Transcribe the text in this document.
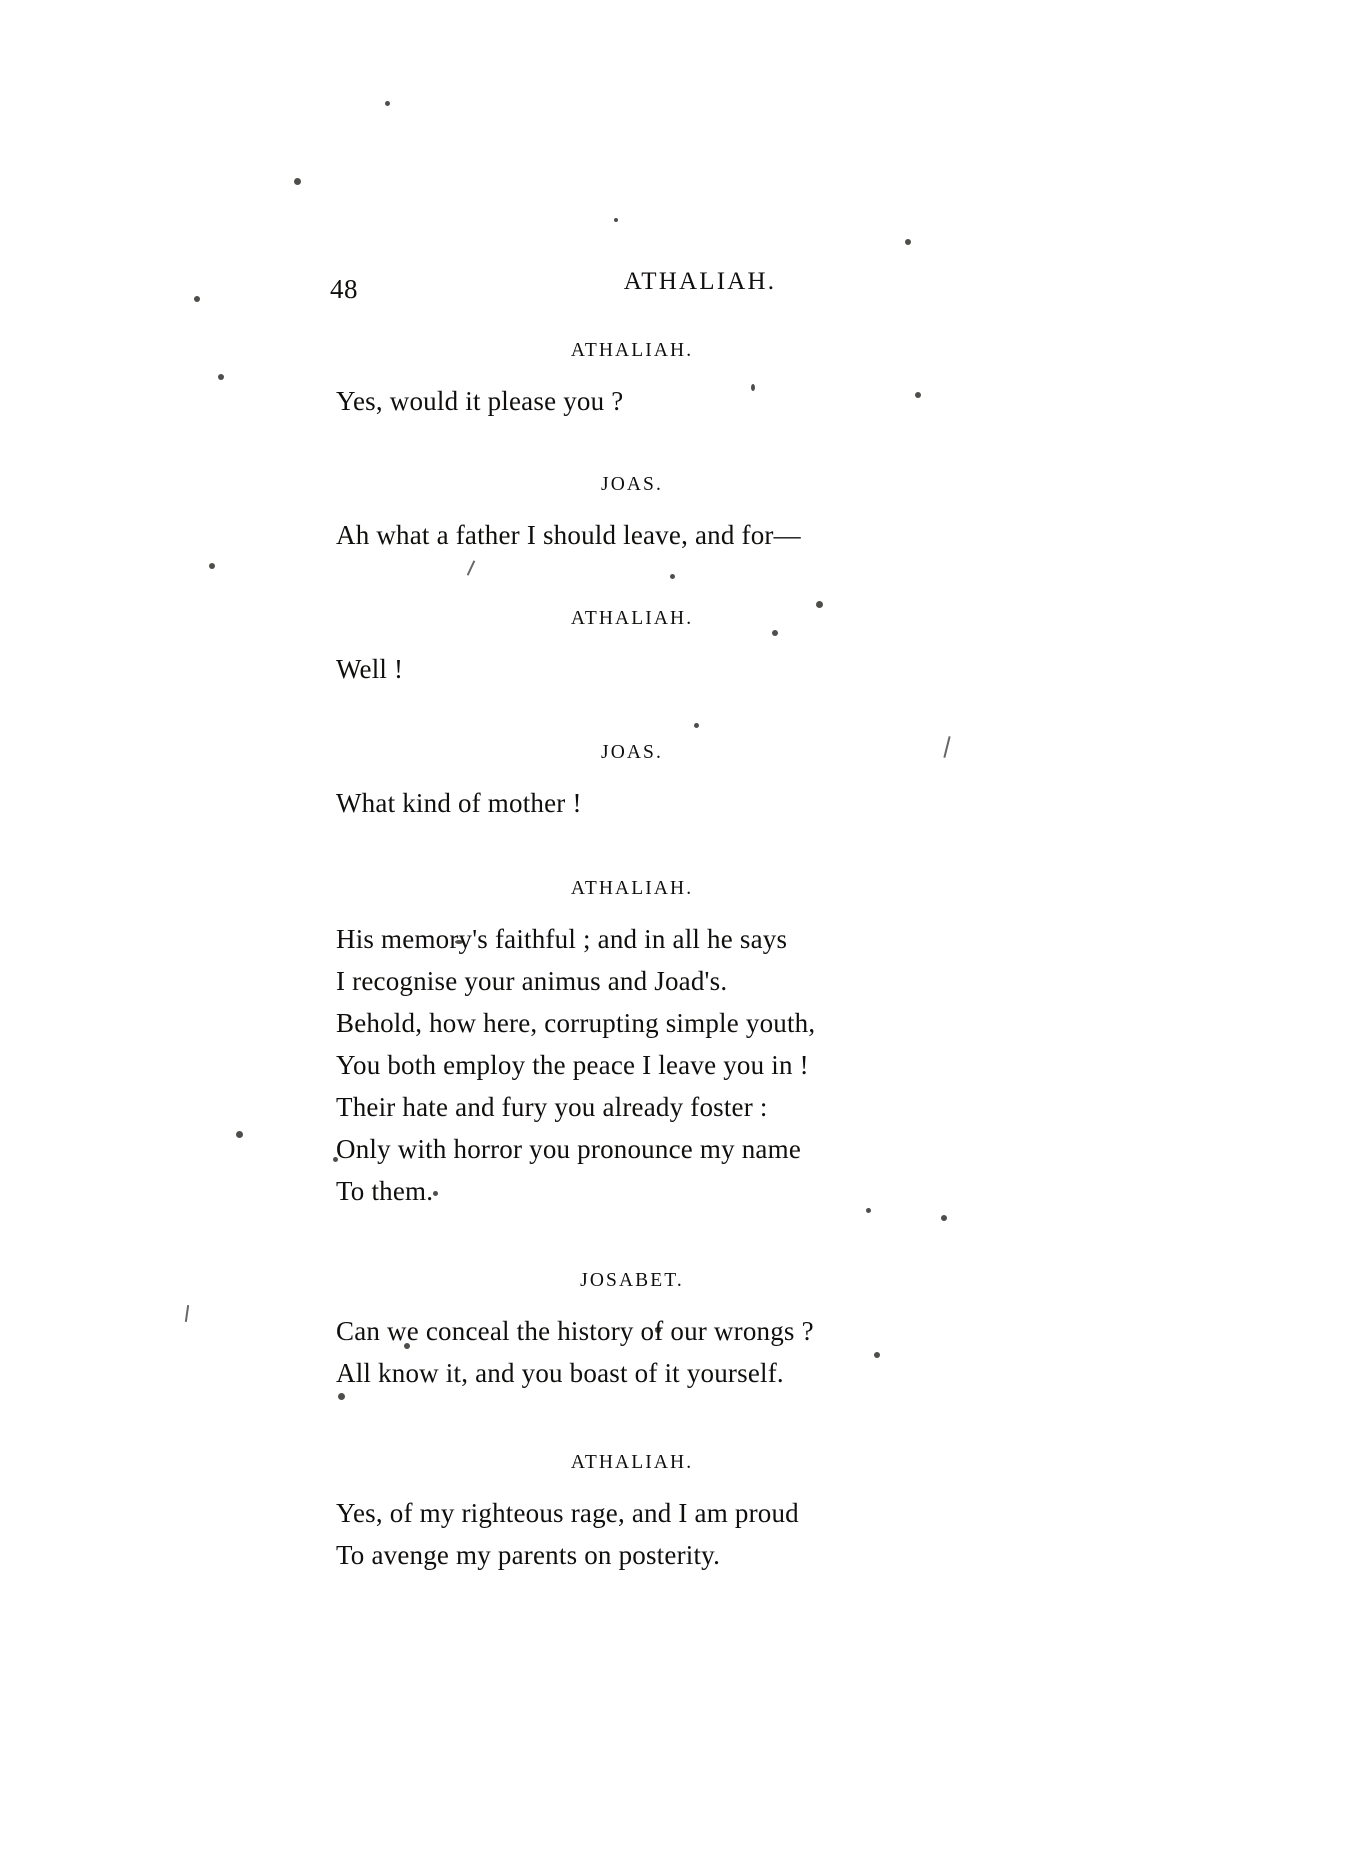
48	ATHALIAH.
ATHALIAH.
Yes, would it please you ?
JOAS.
Ah what a father I should leave, and for—
ATHALIAH.
Well !
JOAS.
What kind of mother !
ATHALIAH.
His memory's faithful ; and in all he says
I recognise your animus and Joad's.
Behold, how here, corrupting simple youth,
You both employ the peace I leave you in !
Their hate and fury you already foster :
Only with horror you pronounce my name
To them.
JOSABET.
Can we conceal the history of our wrongs ?
All know it, and you boast of it yourself.
ATHALIAH.
Yes, of my righteous rage, and I am proud
To avenge my parents on posterity.
